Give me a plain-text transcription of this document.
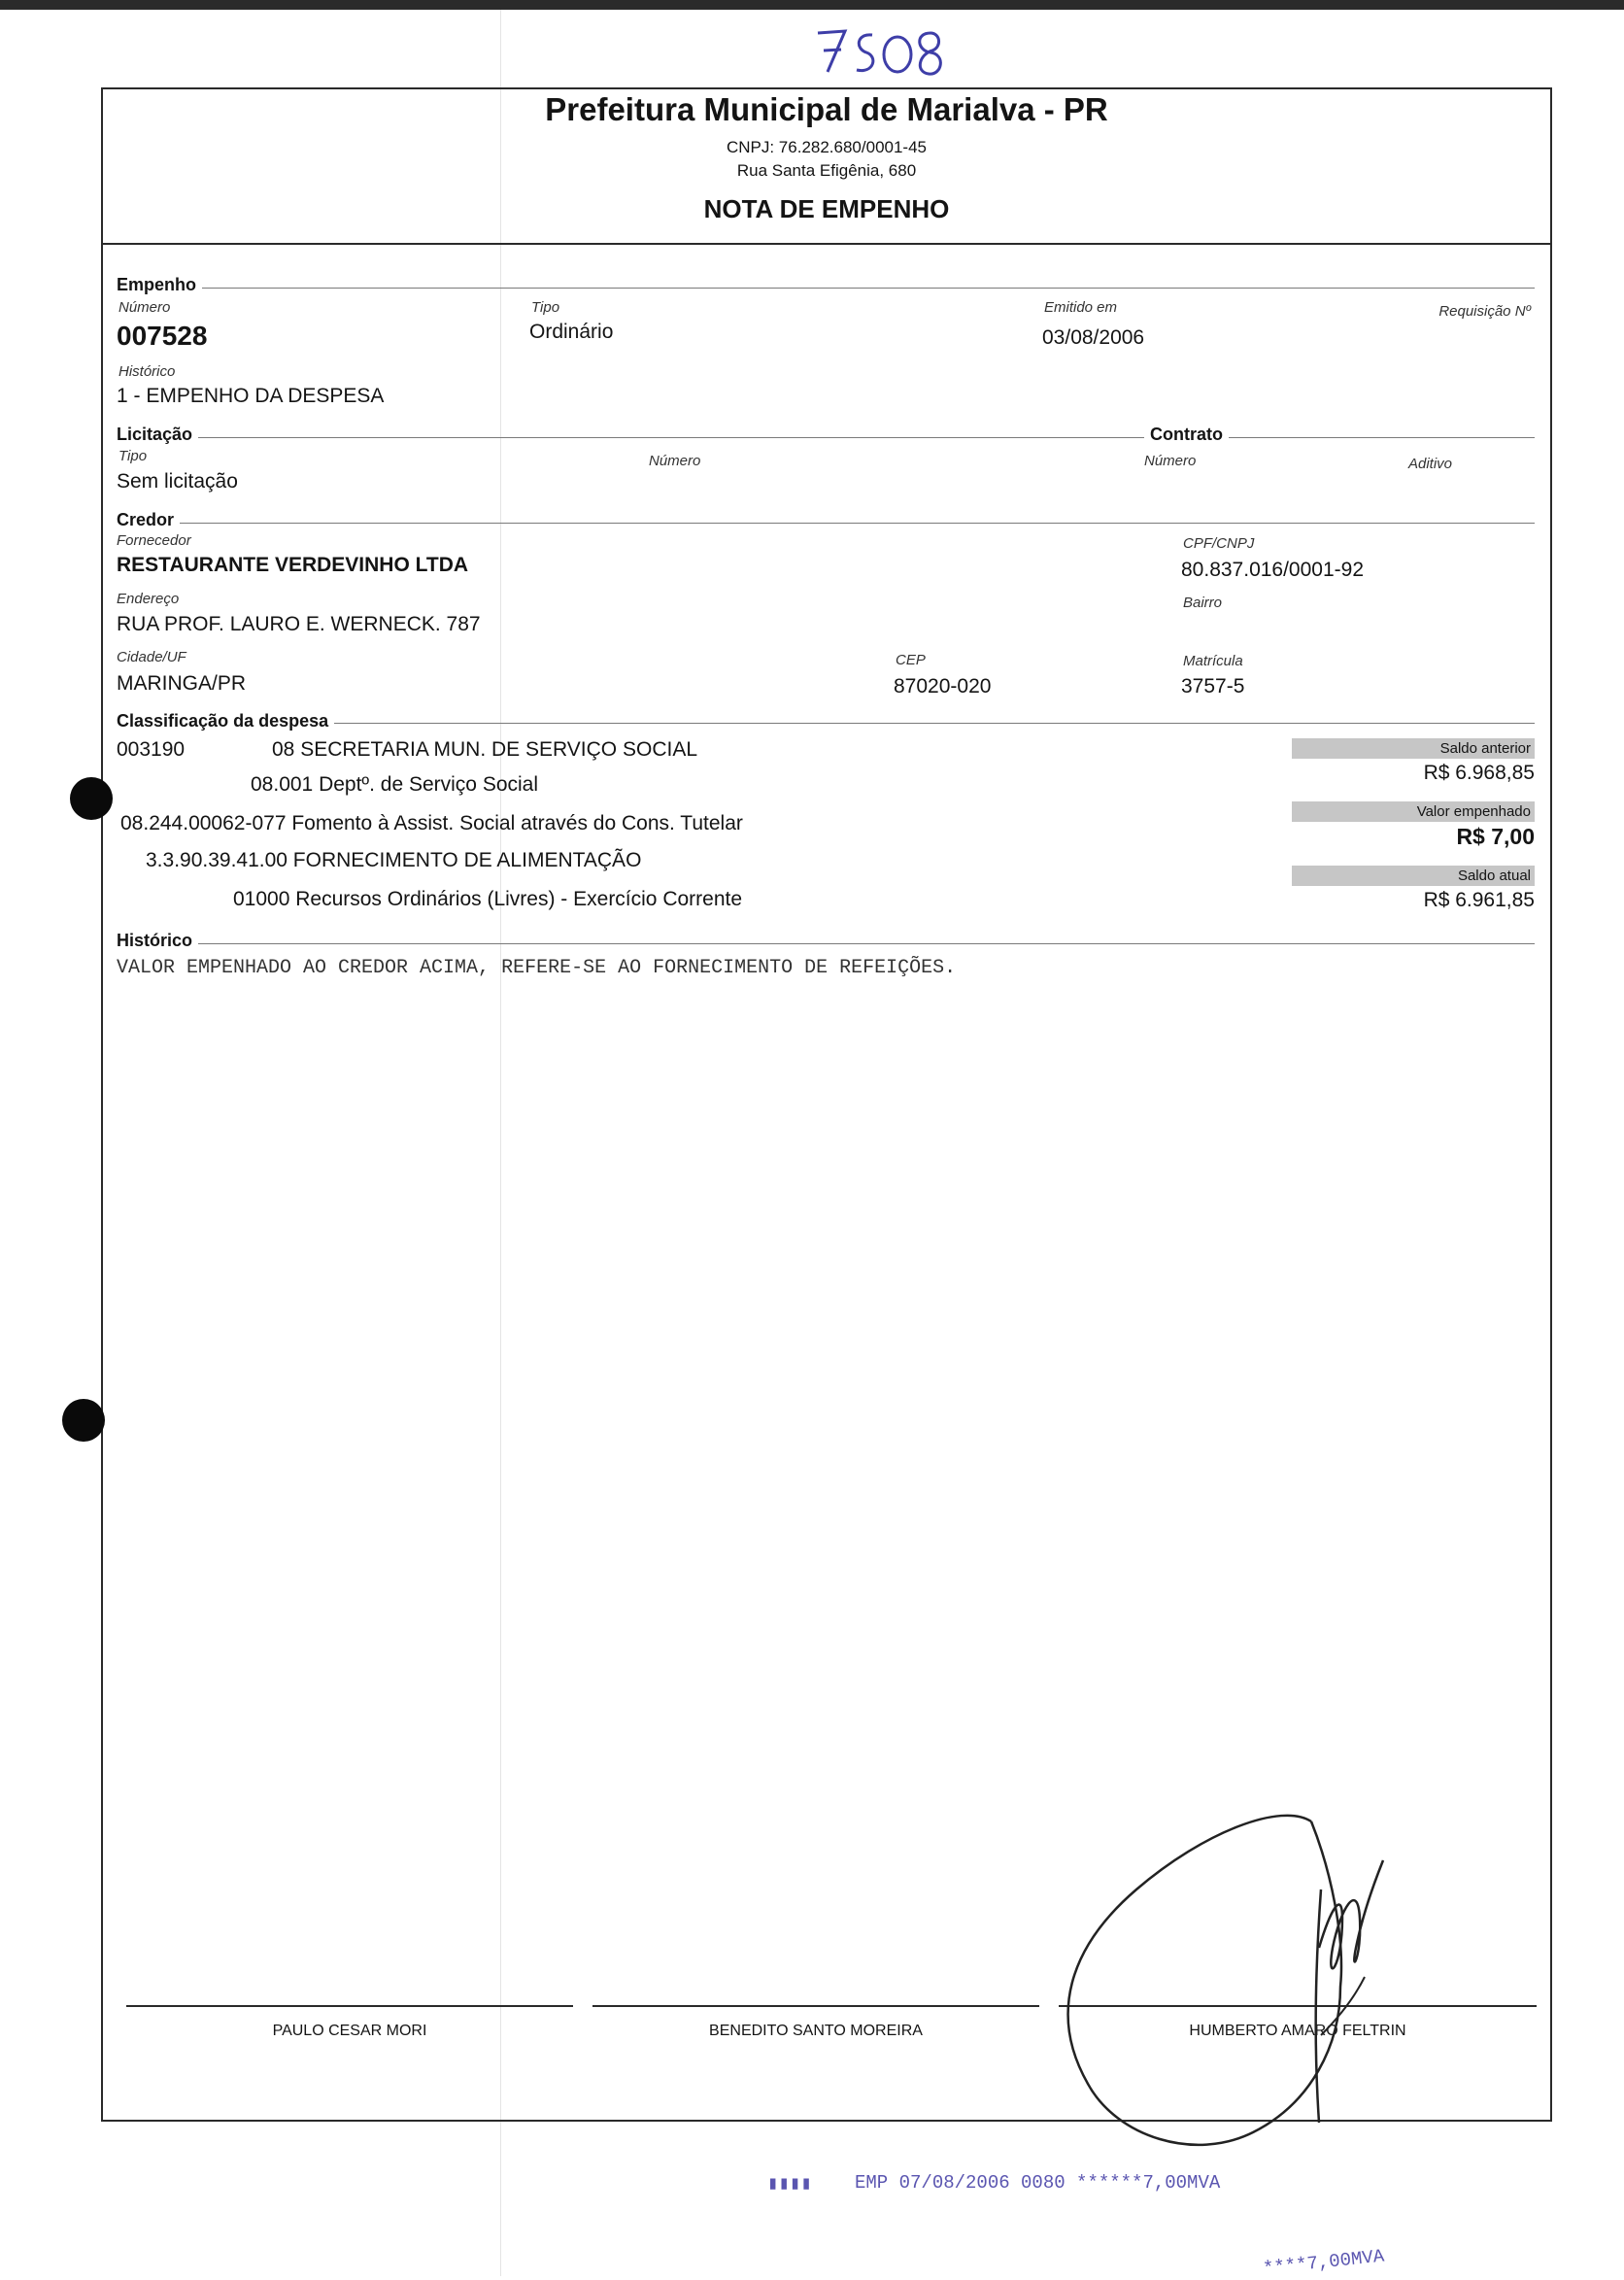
Prefeitura Municipal de Marialva - PR
CNPJ: 76.282.680/0001-45
Rua Santa Efigênia, 680
NOTA DE EMPENHO
Empenho
Número
007528
Tipo
Ordinário
Emitido em
03/08/2006
Requisição Nº
Histórico
1 - EMPENHO DA DESPESA
Licitação	Contrato
Tipo
Sem licitação
Número	Número	Aditivo
Credor
Fornecedor
RESTAURANTE VERDEVINHO LTDA
CPF/CNPJ
80.837.016/0001-92
Endereço
RUA PROF. LAURO E. WERNECK. 787
Bairro
Cidade/UF
MARINGA/PR
CEP
87020-020
Matrícula
3757-5
Classificação da despesa
003190	08 SECRETARIA MUN. DE SERVIÇO SOCIAL
08.001 Deptº. de Serviço Social
08.244.00062-077 Fomento à Assist. Social através do Cons. Tutelar
3.3.90.39.41.00 FORNECIMENTO DE ALIMENTAÇÃO
01000 Recursos Ordinários (Livres) - Exercício Corrente
Saldo anterior
R$ 6.968,85
Valor empenhado
R$ 7,00
Saldo atual
R$ 6.961,85
Histórico
VALOR EMPENHADO AO CREDOR ACIMA, REFERE-SE AO FORNECIMENTO DE REFEIÇÕES.
PAULO CESAR MORI	BENEDITO SANTO MOREIRA	HUMBERTO AMARO FELTRIN
▮▮▮▮ EMP 07/08/2006 0080 ******7,00MVA
****7,00MVA
